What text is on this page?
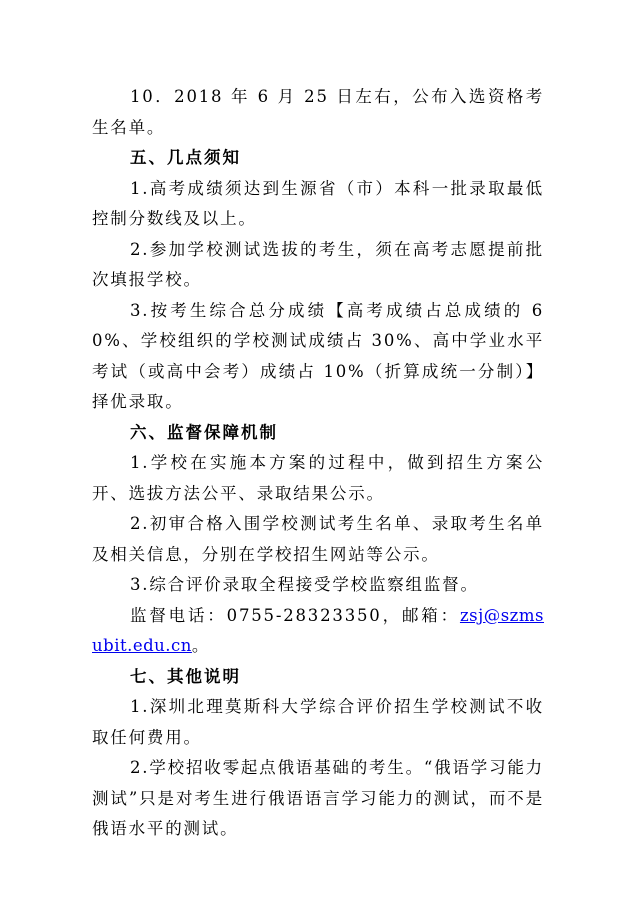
10．2018 年 6 月 25 日左右，公布入选资格考生名单。

五、几点须知

1.高考成绩须达到生源省（市）本科一批录取最低控制分数线及以上。

2.参加学校测试选拔的考生，须在高考志愿提前批次填报学校。

3.按考生综合总分成绩【高考成绩占总成绩的 60%、学校组织的学校测试成绩占 30%、高中学业水平考试（或高中会考）成绩占 10%（折算成统一分制）】择优录取。

六、监督保障机制

1.学校在实施本方案的过程中，做到招生方案公开、选拔方法公平、录取结果公示。

2.初审合格入围学校测试考生名单、录取考生名单及相关信息，分别在学校招生网站等公示。

3.综合评价录取全程接受学校监察组监督。

监督电话：0755-28323350，邮箱：zsj@szmsubit.edu.cn。

七、其他说明

1.深圳北理莫斯科大学综合评价招生学校测试不收取任何费用。

2.学校招收零起点俄语基础的考生。“俄语学习能力测试”只是对考生进行俄语语言学习能力的测试，而不是俄语水平的测试。
